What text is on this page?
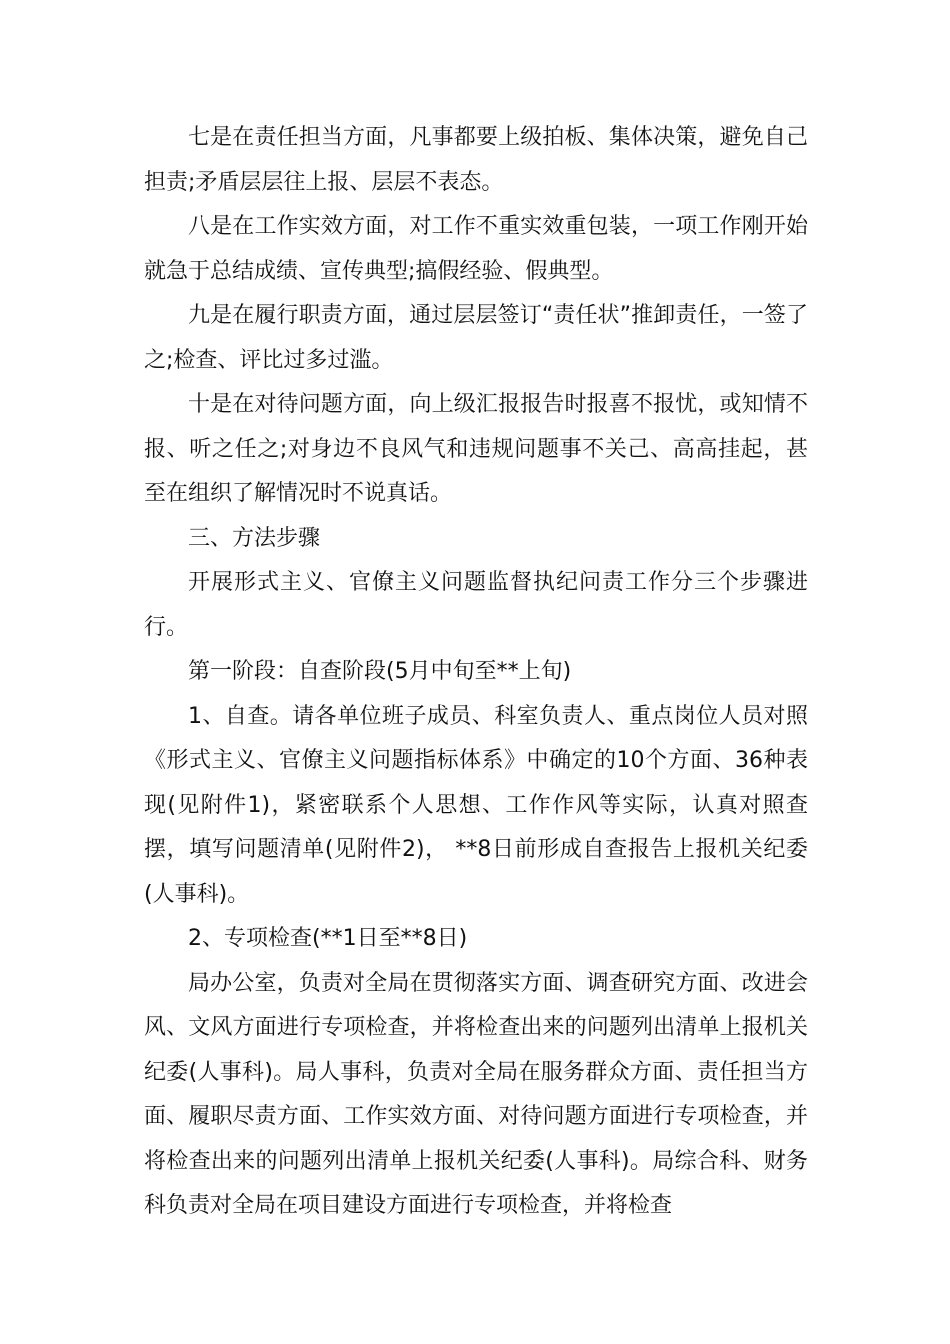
七是在责任担当方面，凡事都要上级拍板、集体决策，避免自己担责;矛盾层层往上报、层层不表态。

八是在工作实效方面，对工作不重实效重包装，一项工作刚开始就急于总结成绩、宣传典型;搞假经验、假典型。

九是在履行职责方面，通过层层签订“责任状”推卸责任，一签了之;检查、评比过多过滥。

十是在对待问题方面，向上级汇报报告时报喜不报忧，或知情不报、听之任之;对身边不良风气和违规问题事不关己、高高挂起，甚至在组织了解情况时不说真话。

三、方法步骤

开展形式主义、官僚主义问题监督执纪问责工作分三个步骤进行。

第一阶段：自查阶段(5月中旬至**上旬)

1、自查。请各单位班子成员、科室负责人、重点岗位人员对照《形式主义、官僚主义问题指标体系》中确定的10个方面、36种表现(见附件1)，紧密联系个人思想、工作作风等实际，认真对照查摆，填写问题清单(见附件2)， **8日前形成自查报告上报机关纪委(人事科)。

2、专项检查(**1日至**8日)

局办公室，负责对全局在贯彻落实方面、调查研究方面、改进会风、文风方面进行专项检查，并将检查出来的问题列出清单上报机关纪委(人事科)。局人事科，负责对全局在服务群众方面、责任担当方面、履职尽责方面、工作实效方面、对待问题方面进行专项检查，并将检查出来的问题列出清单上报机关纪委(人事科)。局综合科、财务科负责对全局在项目建设方面进行专项检查，并将检查
